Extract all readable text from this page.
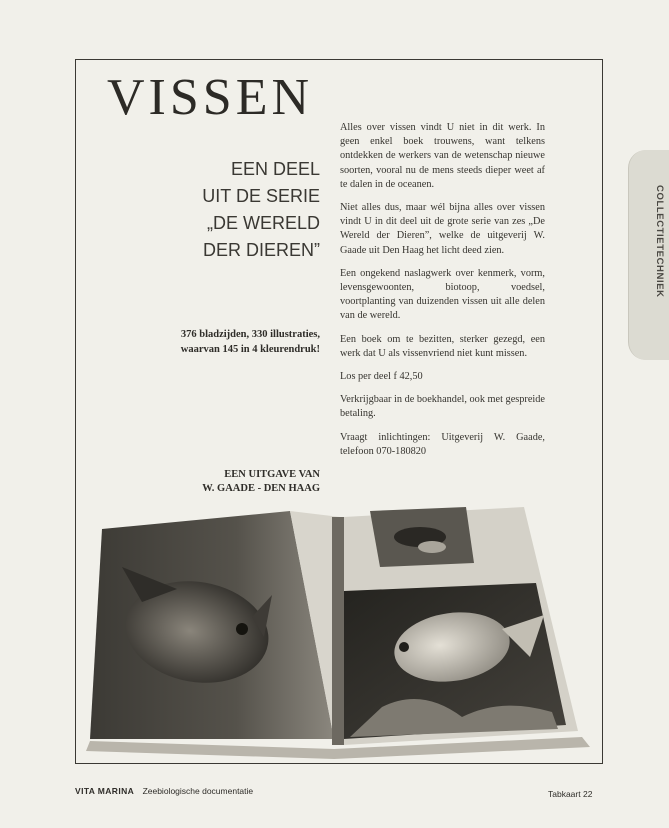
COLLECTIETECHNIEK
VISSEN
EEN DEEL
UIT DE SERIE
„DE WERELD
DER DIEREN”
376 bladzijden, 330 illustraties,
waarvan 145 in 4 kleurendruk!
EEN UITGAVE VAN
W. GAADE - DEN HAAG

Alles over vissen vindt U niet in dit werk. In geen enkel boek trouwens, want telkens ontdekken de werkers van de wetenschap nieuwe soorten, vooral nu de mens steeds dieper weet af te dalen in de oceanen.

Niet alles dus, maar wél bijna alles over vissen vindt U in dit deel uit de grote serie van zes „De Wereld der Dieren”, welke de uitgeverij W. Gaade uit Den Haag het licht deed zien.

Een ongekend naslagwerk over kenmerk, vorm, levensgewoonten, biotoop, voedsel, voortplanting van duizenden vissen uit alle delen van de wereld.

Een boek om te bezitten, sterker gezegd, een werk dat U als vissenvriend niet kunt missen.

Los per deel f 42,50

Verkrijgbaar in de boekhandel, ook met gespreide betaling.

Vraagt inlichtingen: Uitgeverij W. Gaade, telefoon 070-180820

VITA MARINA Zeebiologische documentatie	Tabkaart 22
